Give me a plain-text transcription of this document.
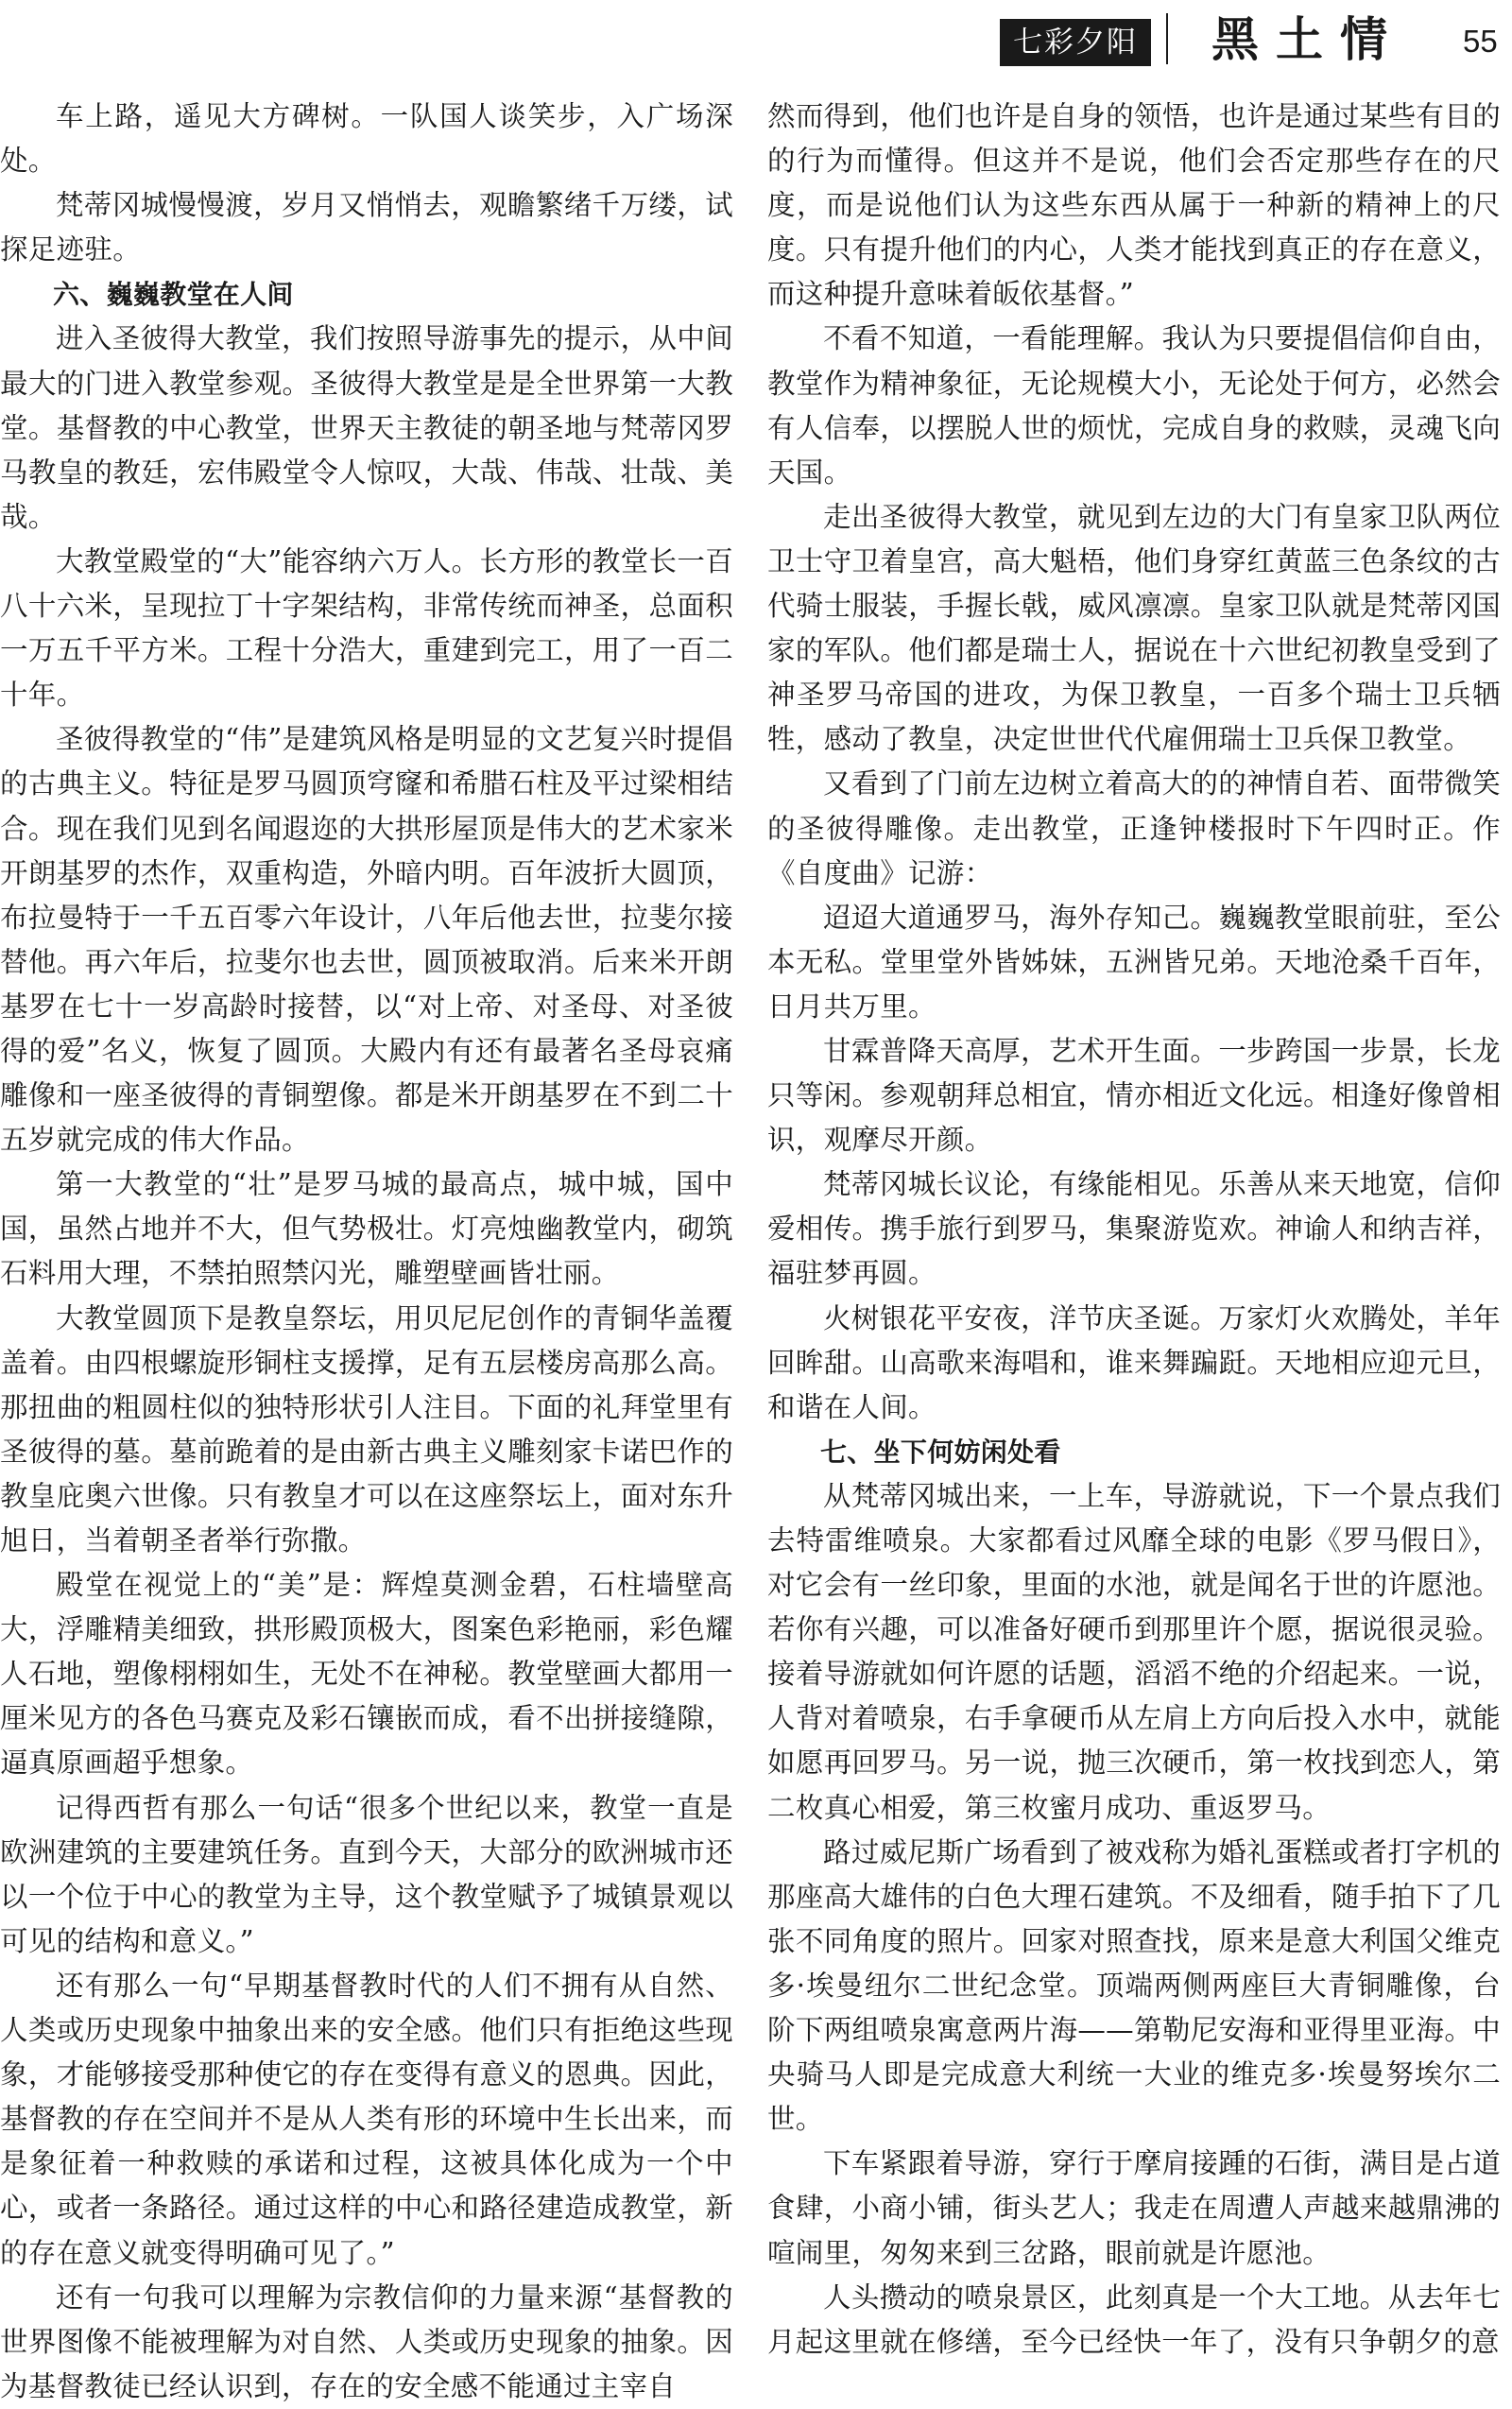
七彩夕阳 黑土情 55

车上路，遥见大方碑树。一队国人谈笑步，入广场深处。

梵蒂冈城慢慢渡，岁月又悄悄去，观瞻繁绪千万缕，试探足迹驻。

六、巍巍教堂在人间

进入圣彼得大教堂，我们按照导游事先的提示，从中间最大的门进入教堂参观。圣彼得大教堂是是全世界第一大教堂。基督教的中心教堂，世界天主教徒的朝圣地与梵蒂冈罗马教皇的教廷，宏伟殿堂令人惊叹，大哉、伟哉、壮哉、美哉。

大教堂殿堂的“大”能容纳六万人。长方形的教堂长一百八十六米，呈现拉丁十字架结构，非常传统而神圣，总面积一万五千平方米。工程十分浩大，重建到完工，用了一百二十年。

圣彼得教堂的“伟”是建筑风格是明显的文艺复兴时提倡的古典主义。特征是罗马圆顶穹窿和希腊石柱及平过梁相结合。现在我们见到名闻遐迩的大拱形屋顶是伟大的艺术家米开朗基罗的杰作，双重构造，外暗内明。百年波折大圆顶，布拉曼特于一千五百零六年设计，八年后他去世，拉斐尔接替他。再六年后，拉斐尔也去世，圆顶被取消。后来米开朗基罗在七十一岁高龄时接替，以“对上帝、对圣母、对圣彼得的爱”名义，恢复了圆顶。大殿内有还有最著名圣母哀痛雕像和一座圣彼得的青铜塑像。都是米开朗基罗在不到二十五岁就完成的伟大作品。

第一大教堂的“壮”是罗马城的最高点，城中城，国中国，虽然占地并不大，但气势极壮。灯亮烛幽教堂内，砌筑石料用大理，不禁拍照禁闪光，雕塑壁画皆壮丽。

大教堂圆顶下是教皇祭坛，用贝尼尼创作的青铜华盖覆盖着。由四根螺旋形铜柱支援撑，足有五层楼房高那么高。那扭曲的粗圆柱似的独特形状引人注目。下面的礼拜堂里有圣彼得的墓。墓前跪着的是由新古典主义雕刻家卡诺巴作的教皇庇奥六世像。只有教皇才可以在这座祭坛上，面对东升旭日，当着朝圣者举行弥撒。

殿堂在视觉上的“美”是：辉煌莫测金碧，石柱墙壁高大，浮雕精美细致，拱形殿顶极大，图案色彩艳丽，彩色耀人石地，塑像栩栩如生，无处不在神秘。教堂壁画大都用一厘米见方的各色马赛克及彩石镶嵌而成，看不出拼接缝隙，逼真原画超乎想象。

记得西哲有那么一句话“很多个世纪以来，教堂一直是欧洲建筑的主要建筑任务。直到今天，大部分的欧洲城市还以一个位于中心的教堂为主导，这个教堂赋予了城镇景观以可见的结构和意义。”

还有那么一句“早期基督教时代的人们不拥有从自然、人类或历史现象中抽象出来的安全感。他们只有拒绝这些现象，才能够接受那种使它的存在变得有意义的恩典。因此，基督教的存在空间并不是从人类有形的环境中生长出来，而是象征着一种救赎的承诺和过程，这被具体化成为一个中心，或者一条路径。通过这样的中心和路径建造成教堂，新的存在意义就变得明确可见了。”

还有一句我可以理解为宗教信仰的力量来源“基督教的世界图像不能被理解为对自然、人类或历史现象的抽象。因为基督教徒已经认识到，存在的安全感不能通过主宰自

然而得到，他们也许是自身的领悟，也许是通过某些有目的的行为而懂得。但这并不是说，他们会否定那些存在的尺度，而是说他们认为这些东西从属于一种新的精神上的尺度。只有提升他们的内心，人类才能找到真正的存在意义，而这种提升意味着皈依基督。”

不看不知道，一看能理解。我认为只要提倡信仰自由，教堂作为精神象征，无论规模大小，无论处于何方，必然会有人信奉，以摆脱人世的烦忧，完成自身的救赎，灵魂飞向天国。

走出圣彼得大教堂，就见到左边的大门有皇家卫队两位卫士守卫着皇宫，高大魁梧，他们身穿红黄蓝三色条纹的古代骑士服装，手握长戟，威风凛凛。皇家卫队就是梵蒂冈国家的军队。他们都是瑞士人，据说在十六世纪初教皇受到了神圣罗马帝国的进攻，为保卫教皇，一百多个瑞士卫兵牺牲，感动了教皇，决定世世代代雇佣瑞士卫兵保卫教堂。

又看到了门前左边树立着高大的的神情自若、面带微笑的圣彼得雕像。走出教堂，正逢钟楼报时下午四时正。作《自度曲》记游：

迢迢大道通罗马，海外存知己。巍巍教堂眼前驻，至公本无私。堂里堂外皆姊妹，五洲皆兄弟。天地沧桑千百年，日月共万里。

甘霖普降天高厚，艺术开生面。一步跨国一步景，长龙只等闲。参观朝拜总相宜，情亦相近文化远。相逢好像曾相识，观摩尽开颜。

梵蒂冈城长议论，有缘能相见。乐善从来天地宽，信仰爱相传。携手旅行到罗马，集聚游览欢。神谕人和纳吉祥，福驻梦再圆。

火树银花平安夜，洋节庆圣诞。万家灯火欢腾处，羊年回眸甜。山高歌来海唱和，谁来舞蹁跹。天地相应迎元旦，和谐在人间。

七、坐下何妨闲处看

从梵蒂冈城出来，一上车，导游就说，下一个景点我们去特雷维喷泉。大家都看过风靡全球的电影《罗马假日》，对它会有一丝印象，里面的水池，就是闻名于世的许愿池。若你有兴趣，可以准备好硬币到那里许个愿，据说很灵验。接着导游就如何许愿的话题，滔滔不绝的介绍起来。一说，人背对着喷泉，右手拿硬币从左肩上方向后投入水中，就能如愿再回罗马。另一说，抛三次硬币，第一枚找到恋人，第二枚真心相爱，第三枚蜜月成功、重返罗马。

路过威尼斯广场看到了被戏称为婚礼蛋糕或者打字机的那座高大雄伟的白色大理石建筑。不及细看，随手拍下了几张不同角度的照片。回家对照查找，原来是意大利国父维克多·埃曼纽尔二世纪念堂。顶端两侧两座巨大青铜雕像，台阶下两组喷泉寓意两片海——第勒尼安海和亚得里亚海。中央骑马人即是完成意大利统一大业的维克多·埃曼努埃尔二世。

下车紧跟着导游，穿行于摩肩接踵的石街，满目是占道食肆，小商小铺，街头艺人；我走在周遭人声越来越鼎沸的喧闹里，匆匆来到三岔路，眼前就是许愿池。

人头攒动的喷泉景区，此刻真是一个大工地。从去年七月起这里就在修缮，至今已经快一年了，没有只争朝夕的意
